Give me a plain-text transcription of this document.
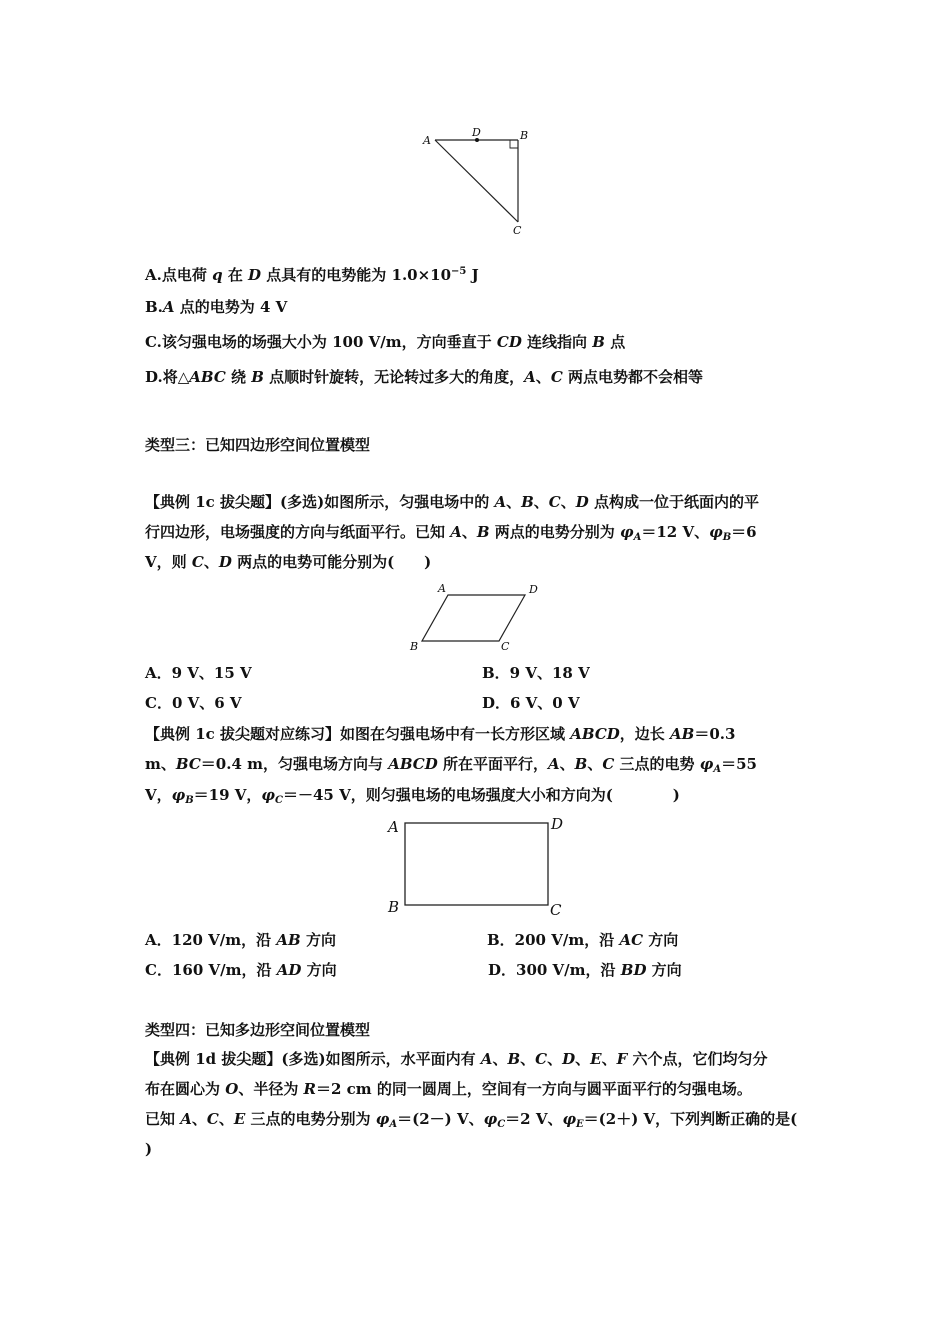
A
D	B
C
A.点电荷 q 在 D 点具有的电势能为 $1.0\times 10^{-5}$ J
B.A 点的电势为 4 V
C.该匀强电场的场强大小为 100 V/m，方向垂直于 CD 连线指向 B 点
D.将△ABC 绕 B 点顺时针旋转，无论转过多大的角度，A、C 两点电势都不会相等
类型三：已知四边形空间位置模型
【典例 1c 拔尖题】(多选)如图所示，匀强电场中的 A、B、C、D 点构成一位于纸面内的平
行四边形，电场强度的方向与纸面平行。已知 A、B 两点的电势分别为 $\varphi_A=12$ V、$\varphi_B=6$
V，则 C、D 两点的电势可能分别为(　　)
A	D
B	C
A．9 V、15 V	B．9 V、18 V
C．0 V、6 V	D．6 V、0 V
【典例 1c 拔尖题对应练习】如图在匀强电场中有一长方形区域 ABCD，边长 AB＝0.3
m、BC＝0.4 m，匀强电场方向与 ABCD 所在平面平行，A、B、C 三点的电势 $\varphi_A=55$
V，$\varphi_B=19$ V，$\varphi_C=-45$ V，则匀强电场的电场强度大小和方向为(　　　　)
A	D
B	C
A．120 V/m，沿 AB 方向	B．200 V/m，沿 AC 方向
C．160 V/m，沿 AD 方向	D．300 V/m，沿 BD 方向
类型四：已知多边形空间位置模型
【典例 1d 拔尖题】(多选)如图所示，水平面内有 A、B、C、D、E、F 六个点，它们均匀分
布在圆心为 O、半径为 R＝2 cm 的同一圆周上，空间有一方向与圆平面平行的匀强电场。
已知 A、C、E 三点的电势分别为 $\varphi_A=(2-)$ V、$\varphi_C=2$ V、$\varphi_E=(2+)$ V，下列判断正确的是(
)
